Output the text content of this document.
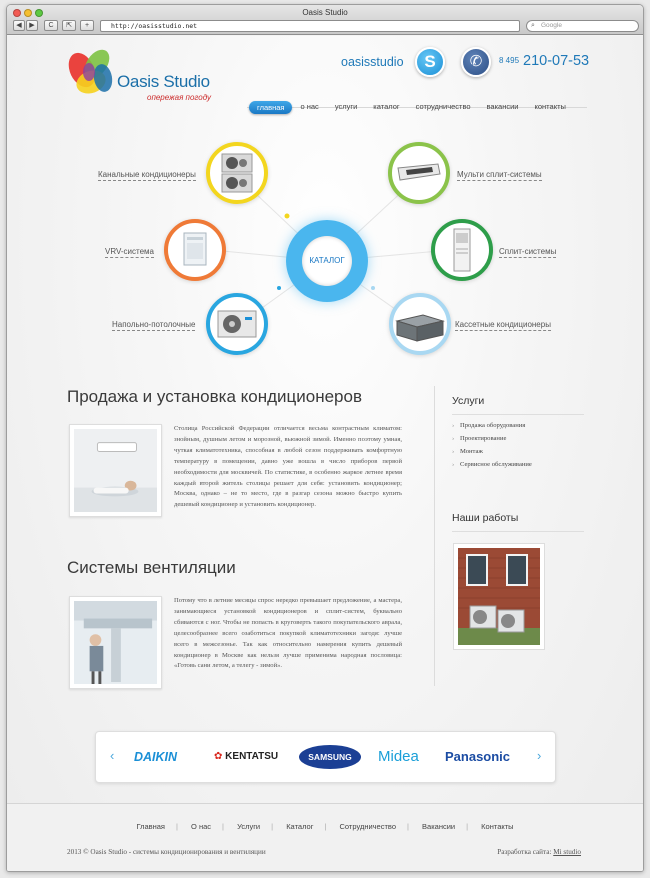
Oasis Studio
◀	▶	C	⇱	+	http://oasisstudio.net	⌕ Google
Oasis Studio
опережая погоду
oasisstudio	S	✆	8 495 210-07-53
главная	о нас	услуги	каталог	сотрудничество	вакансии	контакты
КАТАЛОГ
Канальные кондиционеры
VRV-система
Напольно-потолочные
Мульти сплит-системы
Сплит-системы
Кассетные кондиционеры
Продажа и установка кондиционеров
Столица Российской Федерации отличается весьма контрастным климатом: знойным, душным летом и морозной, вьюжной зимой. Именно поэтому умная, чуткая климатотехника, способная в любой сезон поддерживать комфортную температуру в помещении, давно уже вошла в число приборов первой необходимости для москвичей. По статистике, в особенно жаркое летнее время каждый второй житель столицы решает для себя: установить кондиционер; Москва, однако – не то место, где в разгар сезона можно быстро купить дешевый кондиционер и установить кондиционер.
Системы вентиляции
Потому что в летние месяцы спрос нередко превышает предложение, а мастера, занимающиеся установкой кондиционеров и сплит-систем, буквально сбиваются с ног. Чтобы не попасть в круговерть такого покупательского аврала, целесообразнее всего озаботиться покупкой климатотехники загодя: лучше всего в межсезонье. Так как относительно намерения купить дешевый кондиционер в Москве как нельзя лучше применима народная пословица: «Готовь сани летом, а телегу - зимой».
Услуги
› Продажа оборудования
› Проектирование
› Монтаж
› Сервисное обслуживание
Наши работы
‹ DAIKIN	✿ KENTATSU	SAMSUNG	Midea Panasonic ›
Главная | О нас | Услуги | Каталог | Сотрудничество | Вакансии | Контакты
2013 © Oasis Studio - системы кондиционирования и вентиляции	Разработка сайта: Mi studio
